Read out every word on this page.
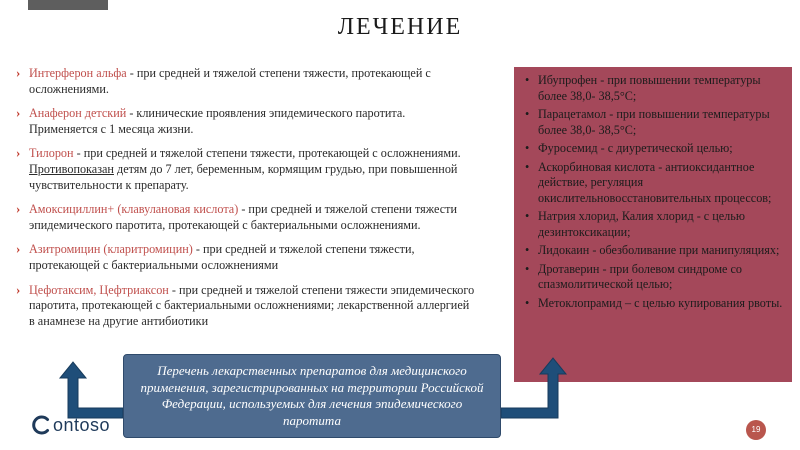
ЛЕЧЕНИЕ
› Интерферон альфа - при средней и тяжелой степени тяжести, протекающей с осложнениями.
› Анаферон детский - клинические проявления эпидемического паротита. Применяется с 1 месяца жизни.
› Тилорон - при средней и тяжелой степени тяжести, протекающей с осложнениями. Противопоказан детям до 7 лет, беременным, кормящим грудью, при повышенной чувствительности к препарату.
› Амоксициллин+ (клавулановая кислота) - при средней и тяжелой степени тяжести эпидемического паротита, протекающей с бактериальными осложнениями.
› Азитромицин (кларитромицин) - при средней и тяжелой степени тяжести, протекающей с бактериальными осложнениями
› Цефотаксим, Цефтриаксон - при средней и тяжелой степени тяжести эпидемического паротита, протекающей с бактериальными осложнениями; лекарственной аллергией в анамнезе на другие антибиотики
• Ибупрофен - при повышении температуры более 38,0- 38,5°С;
• Парацетамол - при повышении температуры более 38,0- 38,5°С;
• Фуросемид - с диуретической целью;
• Аскорбиновая кислота - антиоксидантное действие, регуляция окислительновосстановительных процессов;
• Натрия хлорид, Калия хлорид - с целью дезинтоксикации;
• Лидокаин - обезболивание при манипуляциях;
• Дротаверин - при болевом синдроме со спазмолитической целью;
• Метоклопрамид – с целью купирования рвоты.
Перечень лекарственных препаратов для медицинского применения, зарегистрированных на территории Российской Федерации, используемых для лечения эпидемического паротита
ontoso	19
